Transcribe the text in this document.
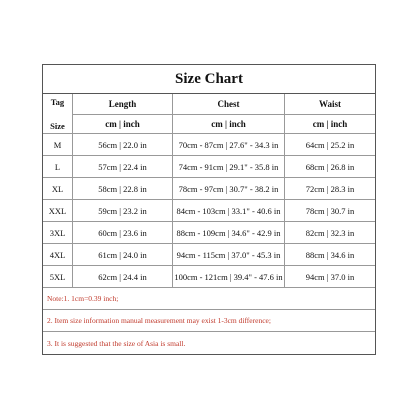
Size Chart
Tag
Size
Length	Chest	Waist
cm | inch	cm | inch	cm | inch
M	56cm | 22.0 in	70cm - 87cm | 27.6" - 34.3 in	64cm | 25.2 in
L	57cm | 22.4 in	74cm - 91cm | 29.1" - 35.8 in	68cm | 26.8 in
XL	58cm | 22.8 in	78cm - 97cm | 30.7" - 38.2 in	72cm | 28.3 in
XXL	59cm | 23.2 in	84cm - 103cm | 33.1" - 40.6 in	78cm | 30.7 in
3XL	60cm | 23.6 in	88cm - 109cm | 34.6" - 42.9 in	82cm | 32.3 in
4XL	61cm | 24.0 in	94cm - 115cm | 37.0" - 45.3 in	88cm | 34.6 in
5XL	62cm | 24.4 in	100cm - 121cm | 39.4" - 47.6 in	94cm | 37.0 in
Note:1. 1cm=0.39 inch;
2. Item size information manual measurement may exist 1-3cm difference;
3. It is suggested that the size of Asia is small.
